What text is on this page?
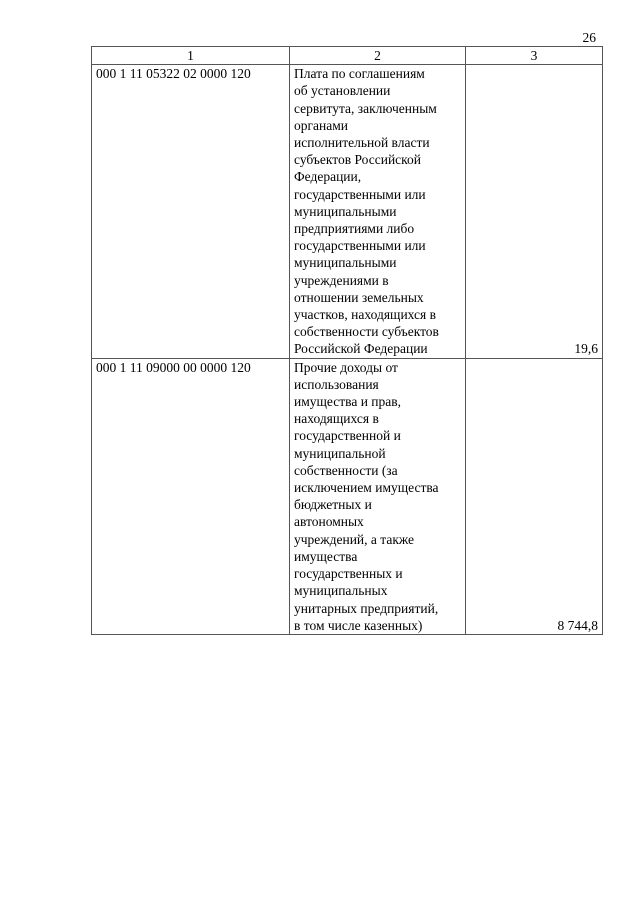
26
1	2	3
000 1 11 05322 02 0000 120	Плата по соглашениям
об установлении
сервитута, заключенным
органами
исполнительной власти
субъектов Российской
Федерации,
государственными или
муниципальными
предприятиями либо
государственными или
муниципальными
учреждениями в
отношении земельных
участков, находящихся в
собственности субъектов
Российской Федерации	19,6
000 1 11 09000 00 0000 120	Прочие доходы от
использования
имущества и прав,
находящихся в
государственной и
муниципальной
собственности (за
исключением имущества
бюджетных и
автономных
учреждений, а также
имущества
государственных и
муниципальных
унитарных предприятий,
в том числе казенных)	8 744,8
